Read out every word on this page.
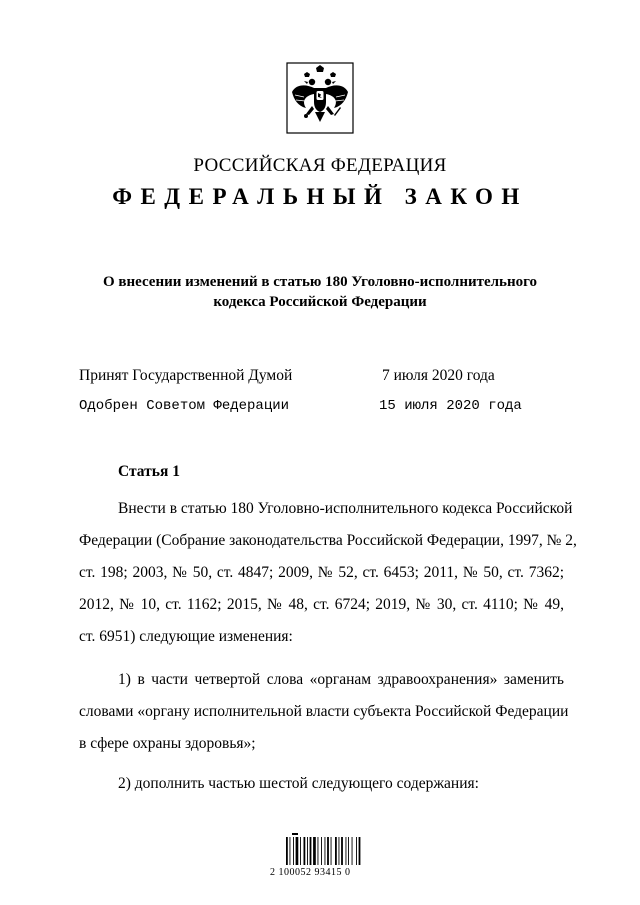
РОССИЙСКАЯ ФЕДЕРАЦИЯ
ФЕДЕРАЛЬНЫЙ ЗАКОН
О внесении изменений в статью 180 Уголовно-исполнительного
кодекса Российской Федерации
Принят Государственной Думой	7 июля 2020 года
Одобрен Советом Федерации	15 июля 2020 года
Статья 1
Внести в статью 180 Уголовно-исполнительного кодекса Российской
Федерации (Собрание законодательства Российской Федерации, 1997, № 2,
ст. 198; 2003, № 50, ст. 4847; 2009, № 52, ст. 6453; 2011, № 50, ст. 7362;
2012, № 10, ст. 1162; 2015, № 48, ст. 6724; 2019, № 30, ст. 4110; № 49,
ст. 6951) следующие изменения:
1) в части четвертой слова «органам здравоохранения» заменить
словами «органу исполнительной власти субъекта Российской Федерации
в сфере охраны здоровья»;
2) дополнить частью шестой следующего содержания:
2 100052 93415 0
